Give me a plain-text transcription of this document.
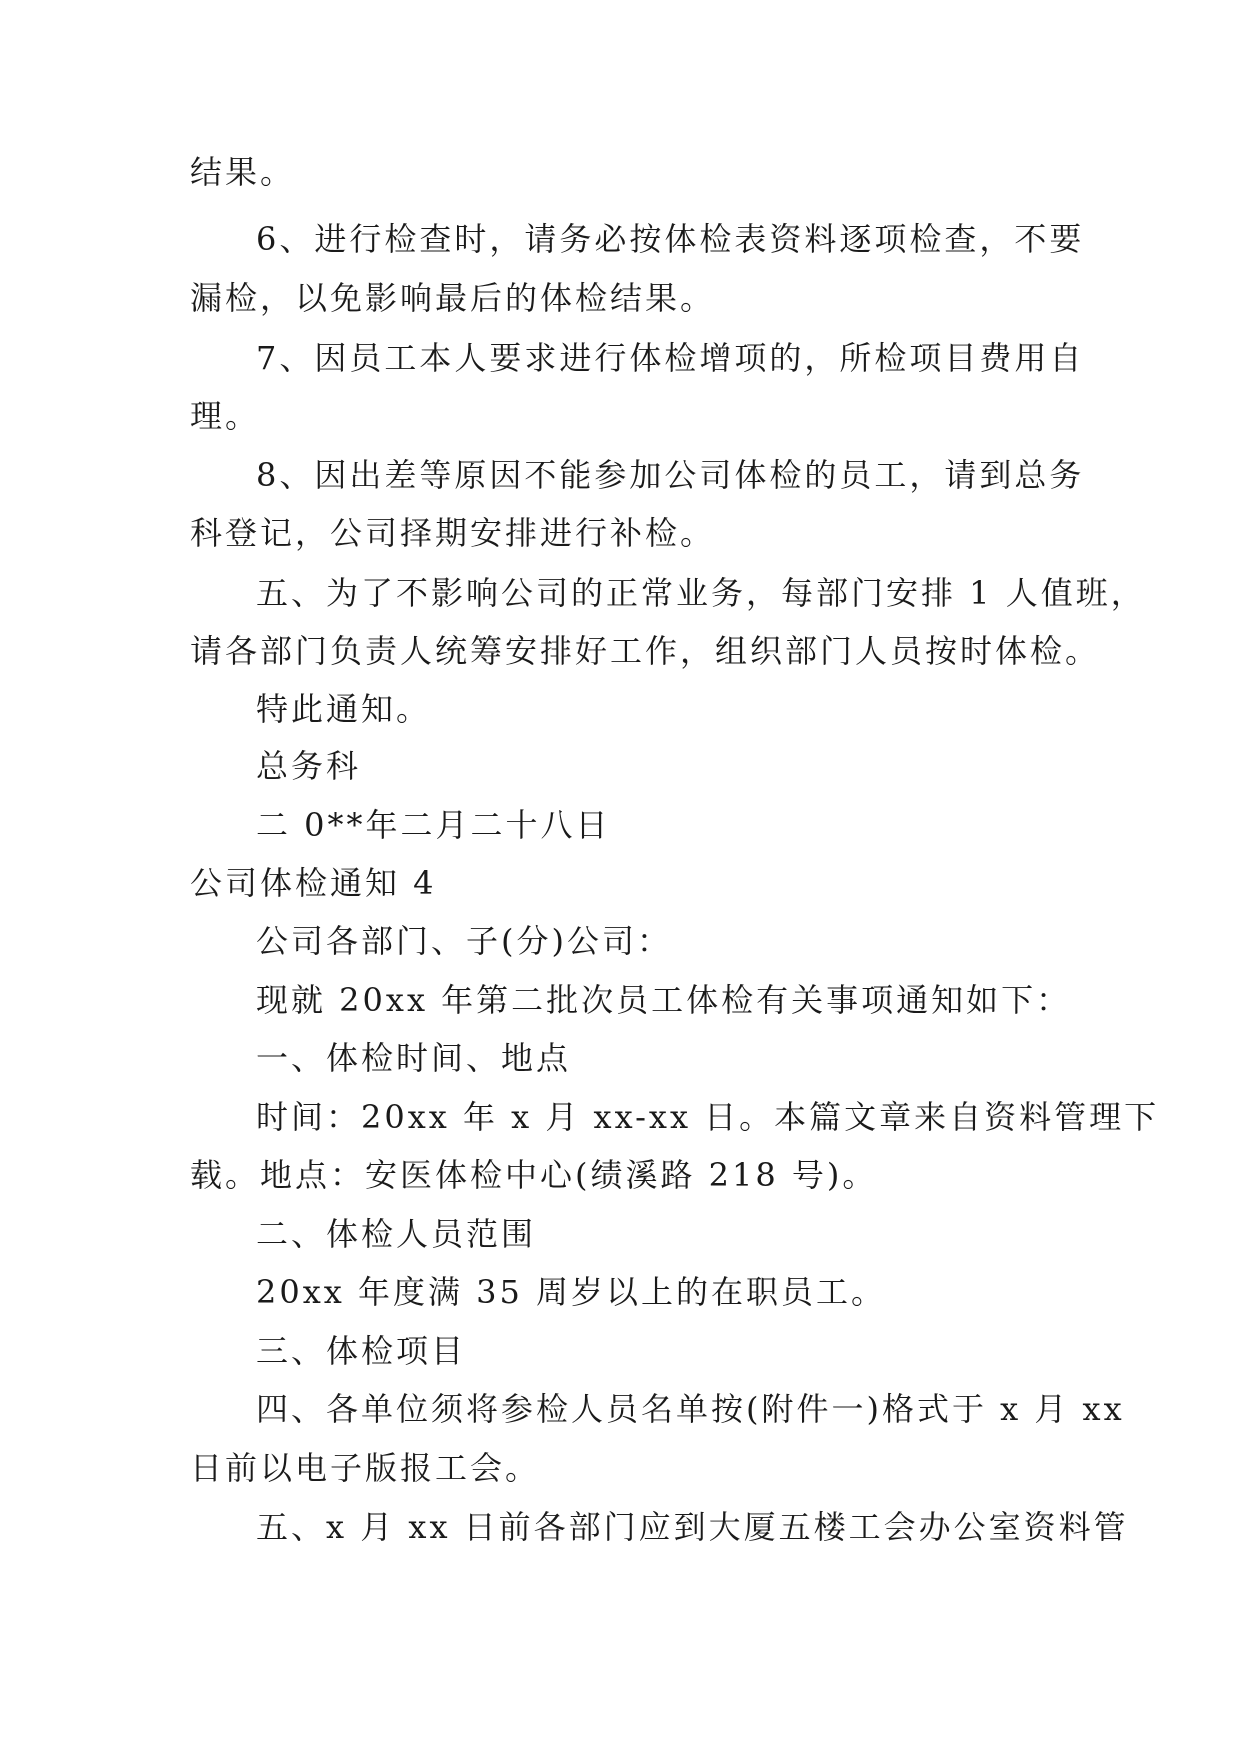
结果。
6、进行检查时，请务必按体检表资料逐项检查，不要
漏检，以免影响最后的体检结果。
7、因员工本人要求进行体检增项的，所检项目费用自
理。
8、因出差等原因不能参加公司体检的员工，请到总务
科登记，公司择期安排进行补检。
五、为了不影响公司的正常业务，每部门安排 1 人值班，
请各部门负责人统筹安排好工作，组织部门人员按时体检。
特此通知。
总务科
二 0**年二月二十八日
公司体检通知 4
公司各部门、子(分)公司：
现就 20xx 年第二批次员工体检有关事项通知如下：
一、体检时间、地点
时间：20xx 年 x 月 xx-xx 日。本篇文章来自资料管理下
载。地点：安医体检中心(绩溪路 218 号)。
二、体检人员范围
20xx 年度满 35 周岁以上的在职员工。
三、体检项目
四、各单位须将参检人员名单按(附件一)格式于 x 月 xx
日前以电子版报工会。
五、x 月 xx 日前各部门应到大厦五楼工会办公室资料管
